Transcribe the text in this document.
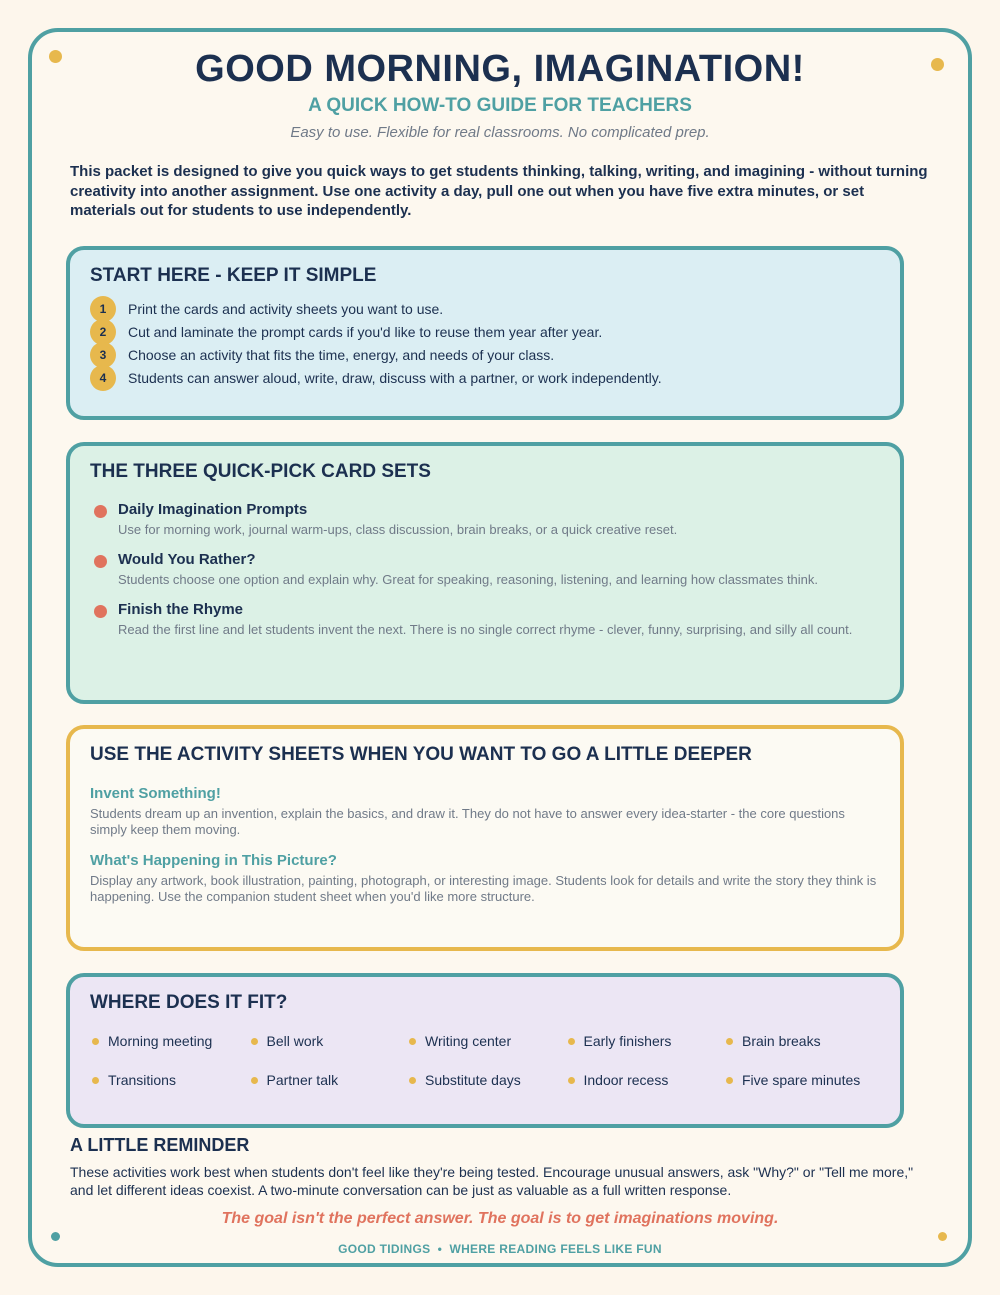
GOOD MORNING, IMAGINATION!
A QUICK HOW-TO GUIDE FOR TEACHERS
Easy to use. Flexible for real classrooms. No complicated prep.

This packet is designed to give you quick ways to get students thinking, talking, writing, and imagining - without turning creativity into another assignment. Use one activity a day, pull one out when you have five extra minutes, or set materials out for students to use independently.

START HERE - KEEP IT SIMPLE
1	Print the cards and activity sheets you want to use.
2	Cut and laminate the prompt cards if you'd like to reuse them year after year.
3	Choose an activity that fits the time, energy, and needs of your class.
4	Students can answer aloud, write, draw, discuss with a partner, or work independently.
THE THREE QUICK-PICK CARD SETS
Daily Imagination Prompts
Use for morning work, journal warm-ups, class discussion, brain breaks, or a quick creative reset.
Would You Rather?
Students choose one option and explain why. Great for speaking, reasoning, listening, and learning how classmates think.
Finish the Rhyme
Read the first line and let students invent the next. There is no single correct rhyme - clever, funny, surprising, and silly all count.
USE THE ACTIVITY SHEETS WHEN YOU WANT TO GO A LITTLE DEEPER
Invent Something!
Students dream up an invention, explain the basics, and draw it. They do not have to answer every idea-starter - the core questions simply keep them moving.
What's Happening in This Picture?
Display any artwork, book illustration, painting, photograph, or interesting image. Students look for details and write the story they think is happening. Use the companion student sheet when you'd like more structure.
WHERE DOES IT FIT?
Morning meeting	Bell work	Writing center	Early finishers	Brain breaks
Transitions	Partner talk	Substitute days	Indoor recess	Five spare minutes
A LITTLE REMINDER

These activities work best when students don't feel like they're being tested. Encourage unusual answers, ask "Why?" or "Tell me more," and let different ideas coexist. A two-minute conversation can be just as valuable as a full written response.

The goal isn't the perfect answer. The goal is to get imaginations moving.
GOOD TIDINGS  •  WHERE READING FEELS LIKE FUN
